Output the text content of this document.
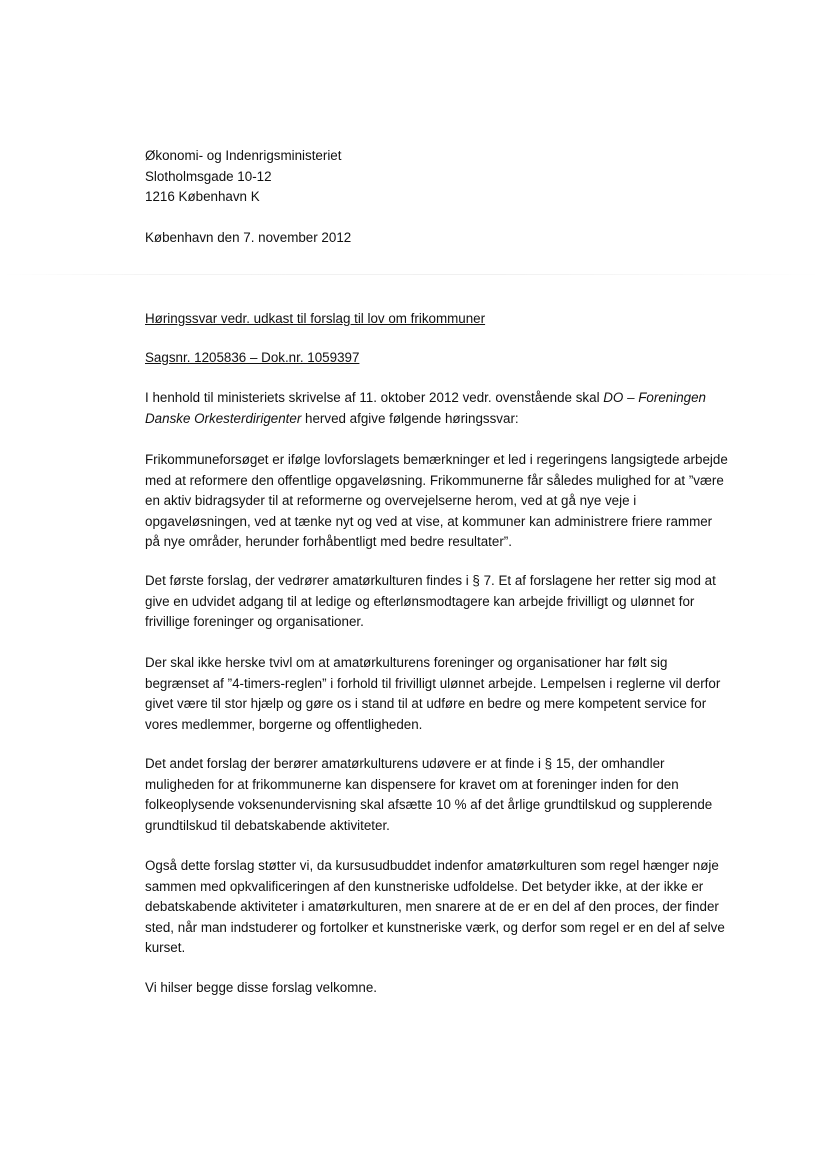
Økonomi- og Indenrigsministeriet
Slotholmsgade 10-12
1216 København K
København den 7. november 2012
Høringssvar vedr. udkast til forslag til lov om frikommuner
Sagsnr. 1205836 – Dok.nr. 1059397

I henhold til ministeriets skrivelse af 11. oktober 2012 vedr. ovenstående skal DO – Foreningen Danske Orkesterdirigenter herved afgive følgende høringssvar:

Frikommuneforsøget er ifølge lovforslagets bemærkninger et led i regeringens langsigtede arbejde med at reformere den offentlige opgaveløsning. Frikommunerne får således mulighed for at ”være en aktiv bidragsyder til at reformerne og overvejelserne herom, ved at gå nye veje i opgaveløsningen, ved at tænke nyt og ved at vise, at kommuner kan administrere friere rammer på nye områder, herunder forhåbentligt med bedre resultater”.

Det første forslag, der vedrører amatørkulturen findes i § 7. Et af forslagene her retter sig mod at give en udvidet adgang til at ledige og efterlønsmodtagere kan arbejde frivilligt og ulønnet for frivillige foreninger og organisationer.

Der skal ikke herske tvivl om at amatørkulturens foreninger og organisationer har følt sig begrænset af ”4-timers-reglen” i forhold til frivilligt ulønnet arbejde. Lempelsen i reglerne vil derfor givet være til stor hjælp og gøre os i stand til at udføre en bedre og mere kompetent service for vores medlemmer, borgerne og offentligheden.

Det andet forslag der berører amatørkulturens udøvere er at finde i § 15, der omhandler muligheden for at frikommunerne kan dispensere for kravet om at foreninger inden for den folkeoplysende voksenundervisning skal afsætte 10 % af det årlige grundtilskud og supplerende grundtilskud til debatskabende aktiviteter.

Også dette forslag støtter vi, da kursusudbuddet indenfor amatørkulturen som regel hænger nøje sammen med opkvalificeringen af den kunstneriske udfoldelse. Det betyder ikke, at der ikke er debatskabende aktiviteter i amatørkulturen, men snarere at de er en del af den proces, der finder sted, når man indstuderer og fortolker et kunstneriske værk, og derfor som regel er en del af selve kurset.

Vi hilser begge disse forslag velkomne.
